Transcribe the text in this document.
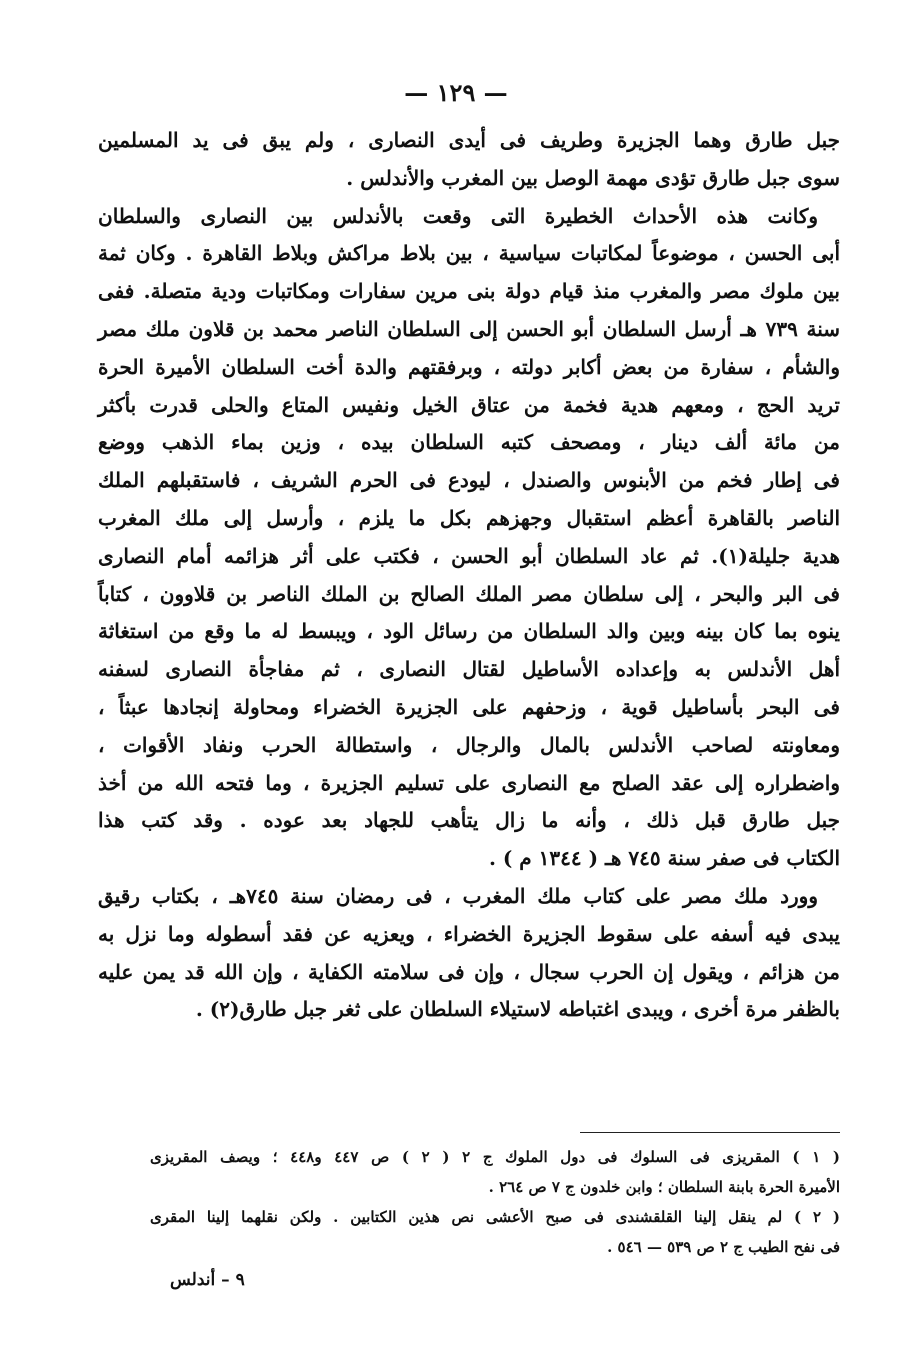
— ١٢٩ —

جبل طارق وهما الجزيرة وطريف فى أيدى النصارى ، ولم يبق فى يد المسلمين
سوى جبل طارق تؤدى مهمة الوصل بين المغرب والأندلس .

وكانت هذه الأحداث الخطيرة التى وقعت بالأندلس بين النصارى والسلطان
أبى الحسن ، موضوعاً لمكاتبات سياسية ، بين بلاط مراكش وبلاط القاهرة . وكان ثمة
بين ملوك مصر والمغرب منذ قيام دولة بنى مرين سفارات ومكاتبات ودية متصلة. ففى
سنة ٧٣٩ هـ أرسل السلطان أبو الحسن إلى السلطان الناصر محمد بن قلاون ملك مصر
والشأم ، سفارة من بعض أكابر دولته ، وبرفقتهم والدة أخت السلطان الأميرة الحرة
تريد الحج ، ومعهم هدية فخمة من عتاق الخيل ونفيس المتاع والحلى قدرت بأكثر
من مائة ألف دينار ، ومصحف كتبه السلطان بيده ، وزين بماء الذهب ووضع
فى إطار فخم من الأبنوس والصندل ، ليودع فى الحرم الشريف ، فاستقبلهم الملك
الناصر بالقاهرة أعظم استقبال وجهزهم بكل ما يلزم ، وأرسل إلى ملك المغرب
هدية جليلة(١). ثم عاد السلطان أبو الحسن ، فكتب على أثر هزائمه أمام النصارى
فى البر والبحر ، إلى سلطان مصر الملك الصالح بن الملك الناصر بن قلاوون ، كتاباً
ينوه بما كان بينه وبين والد السلطان من رسائل الود ، ويبسط له ما وقع من استغاثة
أهل الأندلس به وإعداده الأساطيل لقتال النصارى ، ثم مفاجأة النصارى لسفنه
فى البحر بأساطيل قوية ، وزحفهم على الجزيرة الخضراء ومحاولة إنجادها عبثاً ،
ومعاونته لصاحب الأندلس بالمال والرجال ، واستطالة الحرب ونفاد الأقوات ،
واضطراره إلى عقد الصلح مع النصارى على تسليم الجزيرة ، وما فتحه الله من أخذ
جبل طارق قبل ذلك ، وأنه ما زال يتأهب للجهاد بعد عوده . وقد كتب هذا
الكتاب فى صفر سنة ٧٤٥ هـ ( ١٣٤٤ م ) .

وورد ملك مصر على كتاب ملك المغرب ، فى رمضان سنة ٧٤٥هـ ، بكتاب رقيق
يبدى فيه أسفه على سقوط الجزيرة الخضراء ، ويعزيه عن فقد أسطوله وما نزل به
من هزائم ، ويقول إن الحرب سجال ، وإن فى سلامته الكفاية ، وإن الله قد يمن عليه
بالظفر مرة أخرى ، ويبدى اغتباطه لاستيلاء السلطان على ثغر جبل طارق(٢) .

( ١ ) المقريزى فى السلوك فى دول الملوك ج ٢ ( ٢ ) ص ٤٤٧ و٤٤٨ ؛ ويصف المقريزى
الأميرة الحرة بابنة السلطان ؛ وابن خلدون ج ٧ ص ٢٦٤ .
( ٢ ) لم ينقل إلينا القلقشندى فى صبح الأعشى نص هذين الكتابين . ولكن نقلهما إلينا المقرى
فى نفح الطيب ج ٢ ص ٥٣٩ — ٥٤٦ .
٩ – أندلس
